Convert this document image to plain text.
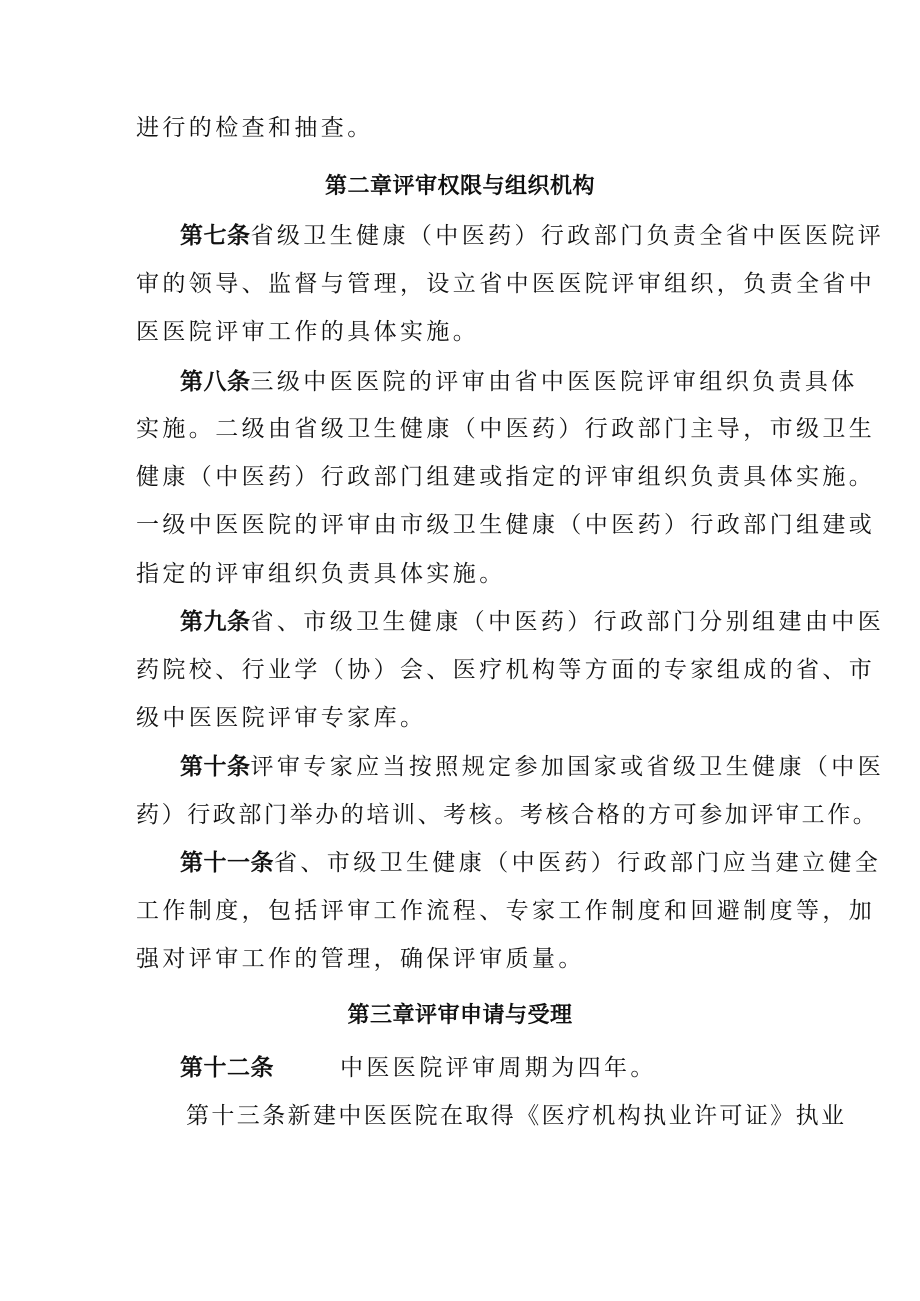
进行的检查和抽查。
第二章评审权限与组织机构
第七条省级卫生健康（中医药）行政部门负责全省中医医院评
审的领导、监督与管理，设立省中医医院评审组织，负责全省中
医医院评审工作的具体实施。
第八条三级中医医院的评审由省中医医院评审组织负责具体
实施。二级由省级卫生健康（中医药）行政部门主导，市级卫生
健康（中医药）行政部门组建或指定的评审组织负责具体实施。
一级中医医院的评审由市级卫生健康（中医药）行政部门组建或
指定的评审组织负责具体实施。
第九条省、市级卫生健康（中医药）行政部门分别组建由中医
药院校、行业学（协）会、医疗机构等方面的专家组成的省、市
级中医医院评审专家库。
第十条评审专家应当按照规定参加国家或省级卫生健康（中医
药）行政部门举办的培训、考核。考核合格的方可参加评审工作。
第十一条省、市级卫生健康（中医药）行政部门应当建立健全
工作制度，包括评审工作流程、专家工作制度和回避制度等，加
强对评审工作的管理，确保评审质量。
第三章评审申请与受理
第十二条	中医医院评审周期为四年。
第十三条新建中医医院在取得《医疗机构执业许可证》执业
